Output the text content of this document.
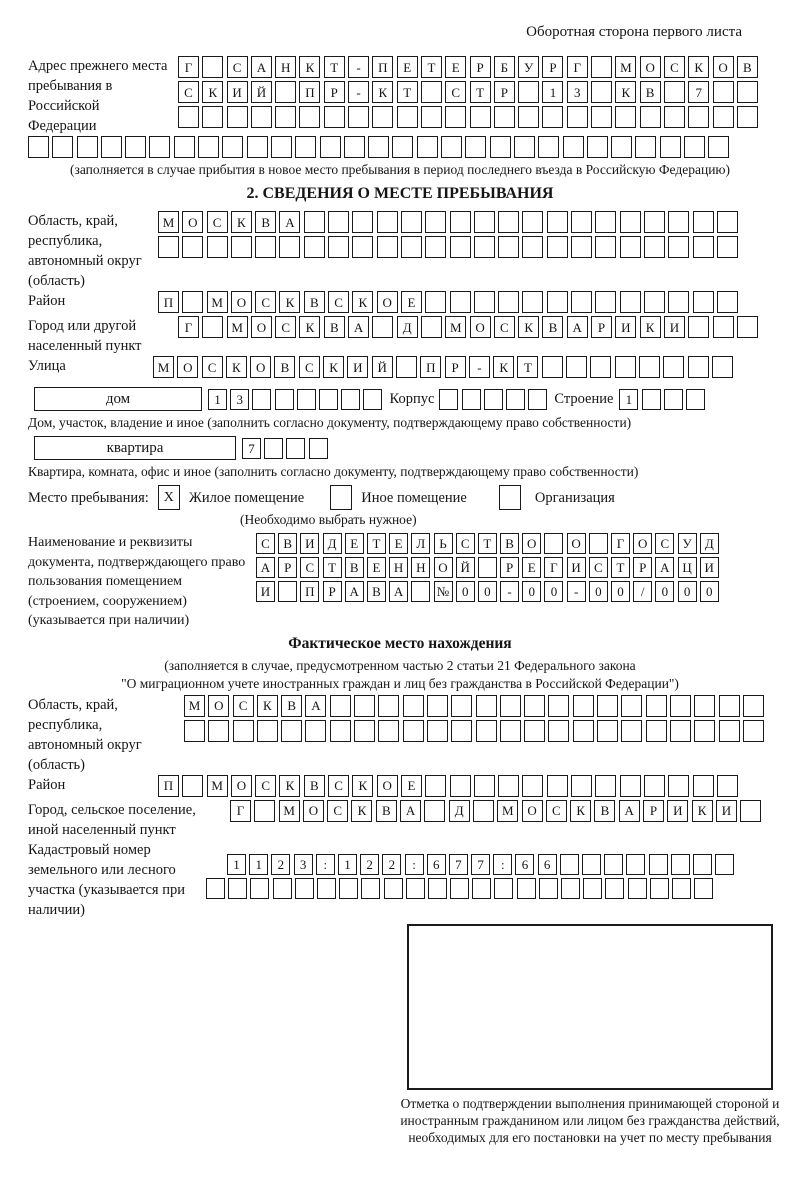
Оборотная сторона первого листа
Адрес прежнего места пребывания в Российской Федерации
Г	С	А	Н	К	Т	-	П	Е	Т	Е	Р	Б	У	Р	Г	М	О	С	К	О	В
С	К	И	Й	П	Р	-	К	Т	С	Т	Р	1	3	К	В	7
(заполняется в случае прибытия в новое место пребывания в период последнего въезда в Российскую Федерацию)
2. СВЕДЕНИЯ О МЕСТЕ ПРЕБЫВАНИЯ
Область, край, республика, автономный округ (область)
М	О	С	К	В	А
Район	П	М	О	С	К	В	С	К	О	Е
Город или другой населенный пункт
Г	М	О	С	К	В	А	Д	М	О	С	К	В	А	Р	И	К	И
Улица	М	О	С	К	О	В	С	К	И	Й	П	Р	-	К	Т
дом	1	3	Корпус	Строение 1
Дом, участок, владение и иное (заполнить согласно документу, подтверждающему право собственности)
квартира	7
Квартира, комната, офис и иное (заполнить согласно документу, подтверждающему право собственности)
Место пребывания:	X	Жилое помещение	Иное помещение	Организация
(Необходимо выбрать нужное)
Наименование и реквизиты документа, подтверждающего право пользования помещением (строением, сооружением) (указывается при наличии)
С	В	И	Д	Е	Т	Е	Л	Ь	С	Т	В	О	О	Г	О	С	У	Д
А	Р	С	Т	В	Е	Н Н О Й	Р	Е	Г	И	С	Т	Р	А Ц И
И	П	Р	А	В	А	№ 0	0	-	0	0	-	0	0	/	0	0	0
Фактическое место нахождения
(заполняется в случае, предусмотренном частью 2 статьи 21 Федерального закона
"О миграционном учете иностранных граждан и лиц без гражданства в Российской Федерации")
Область, край, республика, автономный округ (область)
М	О	С	К	В	А
Район	П	М	О	С	К	В	С	К	О	Е
Город, сельское поселение, иной населенный пункт
Г	М	О	С	К	В	А	Д	М	О	С	К	В	А	Р	И	К	И
Кадастровый номер земельного или лесного участка (указывается при наличии)
1	1	2	3	:	1	2	2	:	6	7	7	:	6	6
Отметка о подтверждении выполнения принимающей стороной и иностранным гражданином или лицом без гражданства действий, необходимых для его постановки на учет по месту пребывания
